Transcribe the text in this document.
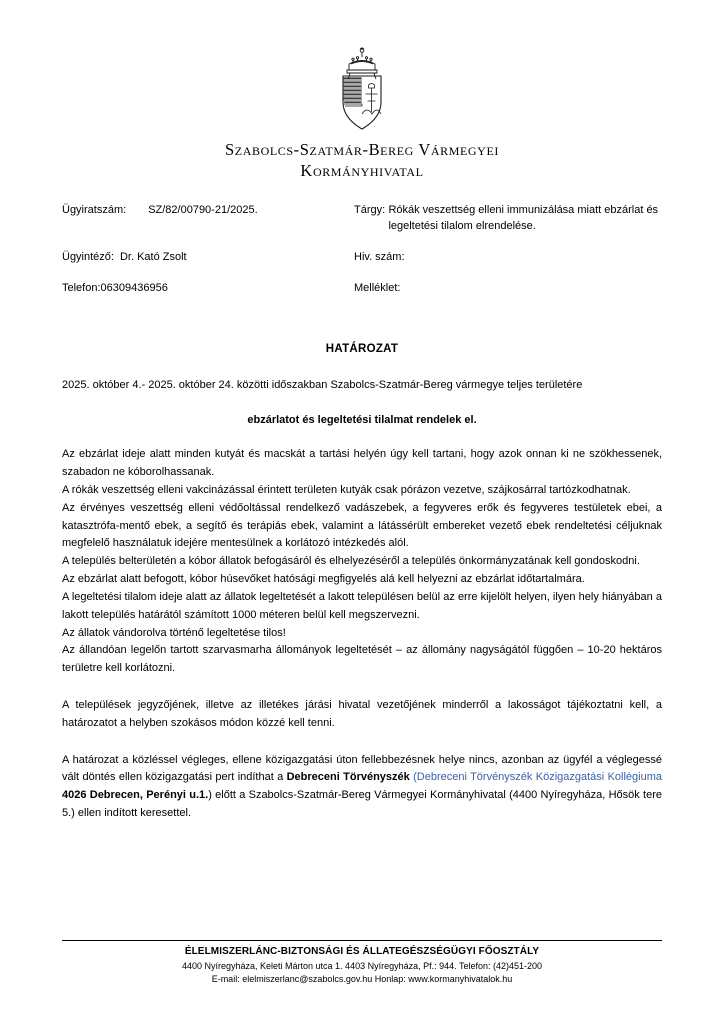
Szabolcs-Szatmár-Bereg Vármegyei
Kormányhivatal
Ügyiratszám: SZ/82/00790-21/2025.	Tárgy: Rókák veszettség elleni immunizálása miatt ebzárlat és legeltetési tilalom elrendelése.
Ügyintéző: Dr. Kató Zsolt	Hiv. szám:
Telefon: 06309436956	Melléklet:
HATÁROZAT

2025. október 4.- 2025. október 24. közötti időszakban Szabolcs-Szatmár-Bereg vármegye teljes területére

ebzárlatot és legeltetési tilalmat rendelek el.

Az ebzárlat ideje alatt minden kutyát és macskát a tartási helyén úgy kell tartani, hogy azok onnan ki ne szökhessenek, szabadon ne kóborolhassanak.

A rókák veszettség elleni vakcinázással érintett területen kutyák csak pórázon vezetve, szájkosárral tartózkodhatnak.

Az érvényes veszettség elleni védőoltással rendelkező vadászebek, a fegyveres erők és fegyveres testületek ebei, a katasztrófa-mentő ebek, a segítő és terápiás ebek, valamint a látássérült embereket vezető ebek rendeltetési céljuknak megfelelő használatuk idejére mentesülnek a korlátozó intézkedés alól.

A település belterületén a kóbor állatok befogásáról és elhelyezéséről a település önkormányzatának kell gondoskodni.

Az ebzárlat alatt befogott, kóbor húsevőket hatósági megfigyelés alá kell helyezni az ebzárlat időtartalmára.

A legeltetési tilalom ideje alatt az állatok legeltetését a lakott településen belül az erre kijelölt helyen, ilyen hely hiányában a lakott település határától számított 1000 méteren belül kell megszervezni.

Az állatok vándorolva történő legeltetése tilos!

Az állandóan legelőn tartott szarvasmarha állományok legeltetését – az állomány nagyságától függően – 10-20 hektáros területre kell korlátozni.

A települések jegyzőjének, illetve az illetékes járási hivatal vezetőjének minderről a lakosságot tájékoztatni kell, a határozatot a helyben szokásos módon közzé kell tenni.

A határozat a közléssel végleges, ellene közigazgatási úton fellebbezésnek helye nincs, azonban az ügyfél a véglegessé vált döntés ellen közigazgatási pert indíthat a Debreceni Törvényszék (Debreceni Törvényszék Közigazgatási Kollégiuma 4026 Debrecen, Perényi u.1.) előtt a Szabolcs-Szatmár-Bereg Vármegyei Kormányhivatal (4400 Nyíregyháza, Hősök tere 5.) ellen indított keresettel.

ÉLELMISZERLÁNC-BIZTONSÁGI ÉS ÁLLATEGÉSZSÉGÜGYI FŐOSZTÁLY
4400 Nyíregyháza, Keleti Márton utca 1. 4403 Nyíregyháza, Pf.: 944. Telefon: (42)451-200
E-mail: elelmiszerlanc@szabolcs.gov.hu Honlap: www.kormanyhivatalok.hu
